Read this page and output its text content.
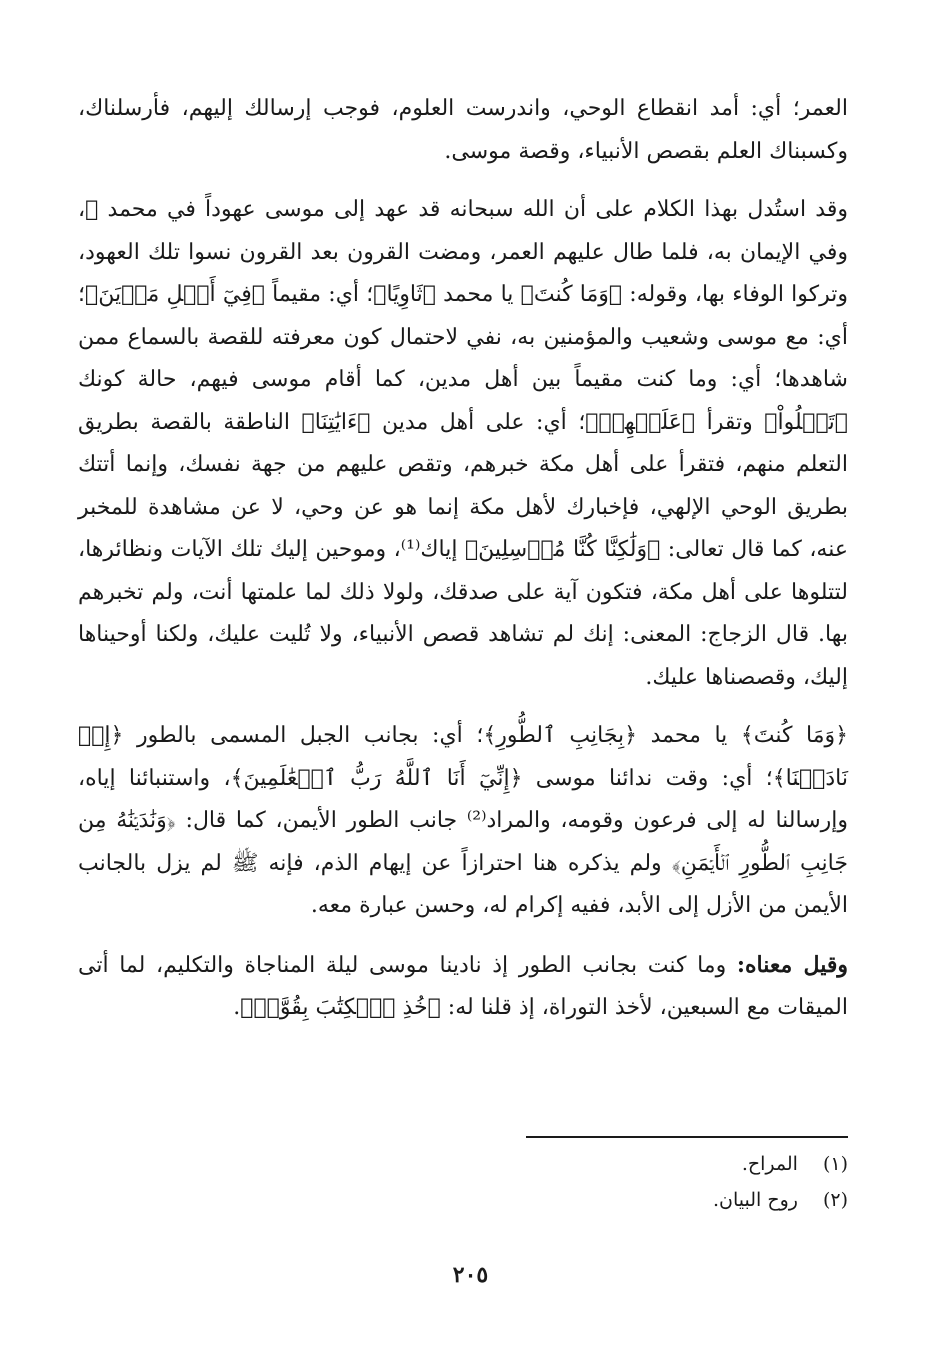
العمر؛ أي: أمد انقطاع الوحي، واندرست العلوم، فوجب إرسالك إليهم، فأرسلناك، وكسبناك العلم بقصص الأنبياء، وقصة موسى.

وقد استُدل بهذا الكلام على أن الله سبحانه قد عهد إلى موسى عهوداً في محمد ﷺ، وفي الإيمان به، فلما طال عليهم العمر، ومضت القرون بعد القرون نسوا تلك العهود، وتركوا الوفاء بها، وقوله: ﴿وَمَا كُنتَ﴾ يا محمد ﴿ثَاوِيًا﴾؛ أي: مقيماً ﴿فِيٓ أَهۡلِ مَدۡيَنَ﴾؛ أي: مع موسى وشعيب والمؤمنين به، نفي لاحتمال كون معرفته للقصة بالسماع ممن شاهدها؛ أي: وما كنت مقيماً بين أهل مدين، كما أقام موسى فيهم، حالة كونك ﴿تَتۡلُواْ﴾ وتقرأ ﴿عَلَيۡهِمۡ﴾؛ أي: على أهل مدين ﴿ءَايَٰتِنَا﴾ الناطقة بالقصة بطريق التعلم منهم، فتقرأ على أهل مكة خبرهم، وتقص عليهم من جهة نفسك، وإنما أتتك بطريق الوحي الإلهي، فإخبارك لأهل مكة إنما هو عن وحي، لا عن مشاهدة للمخبر عنه، كما قال تعالى: ﴿وَلَٰكِنَّا كُنَّا مُرۡسِلِينَ﴾ إياك⁽¹⁾، وموحين إليك تلك الآيات ونظائرها، لتتلوها على أهل مكة، فتكون آية على صدقك، ولولا ذلك لما علمتها أنت، ولم تخبرهم بها. قال الزجاج: المعنى: إنك لم تشاهد قصص الأنبياء، ولا تُليت عليك، ولكنا أوحيناها إليك، وقصصناها عليك.

﴿وَمَا كُنتَ﴾ يا محمد ﴿بِجَانِبِ ٱلطُّورِ﴾؛ أي: بجانب الجبل المسمى بالطور ﴿إِذۡ نَادَيۡنَا﴾؛ أي: وقت ندائنا موسى ﴿إِنِّيٓ أَنَا ٱللَّهُ رَبُّ ٱلۡعَٰلَمِينَ﴾، واستنبائنا إياه، وإرسالنا له إلى فرعون وقومه، والمراد⁽²⁾ جانب الطور الأيمن، كما قال: ﴿وَنَٰدَيۡنَٰهُ مِن جَانِبِ ٱلطُّورِ ٱلۡأَيۡمَنِ﴾ ولم يذكره هنا احترازاً عن إيهام الذم، فإنه ﷺ لم يزل بالجانب الأيمن من الأزل إلى الأبد، ففيه إكرام له، وحسن عبارة معه.

وقيل معناه: وما كنت بجانب الطور إذ نادينا موسى ليلة المناجاة والتكليم، لما أتى الميقات مع السبعين، لأخذ التوراة، إذ قلنا له: ﴿خُذِ ٱلۡكِتَٰبَ بِقُوَّةٖ﴾.

(١) المراح.
(٢) روح البيان.
٢٠٥
